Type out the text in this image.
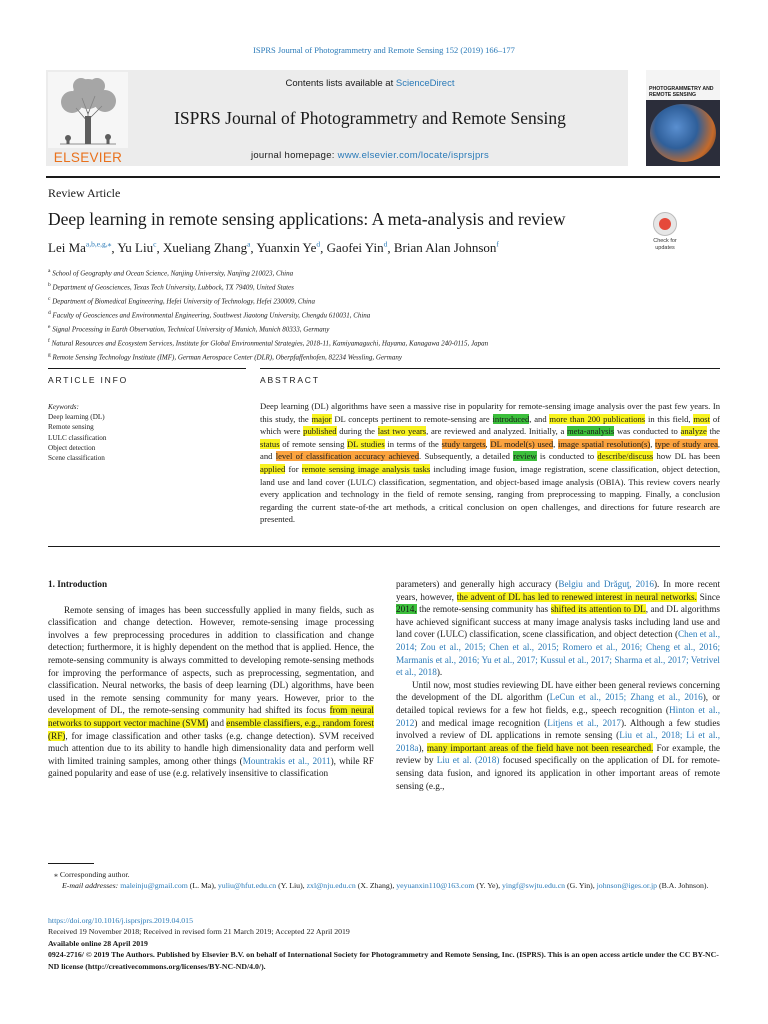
ISPRS Journal of Photogrammetry and Remote Sensing 152 (2019) 166–177
ELSEVIER
Contents lists available at ScienceDirect
ISPRS Journal of Photogrammetry and Remote Sensing
journal homepage: www.elsevier.com/locate/isprsjprs
PHOTOGRAMMETRY AND REMOTE SENSING
Review Article
Deep learning in remote sensing applications: A meta-analysis and review
Check for updates
Lei $Ma^{a,b,e,g,⁎}$, Yu Liu$^c$, Xueliang Zhang$^a$, Yuanxin Ye$^d$, Gaofei Yin$^d$, Brian Alan Johnson$^f$
$^a$ School of Geography and Ocean Science, Nanjing University, Nanjing 210023, China
$^b$ Department of Geosciences, Texas Tech University, Lubbock, TX 79409, United States
$^c$ Department of Biomedical Engineering, Hefei University of Technology, Hefei 230009, China
$^d$ Faculty of Geosciences and Environmental Engineering, Southwest Jiaotong University, Chengdu 610031, China
$^e$ Signal Processing in Earth Observation, Technical University of Munich, Munich 80333, Germany
$^f$ Natural Resources and Ecosystem Services, Institute for Global Environmental Strategies, 2018-11, Kamiyamaguchi, Hayama, Kanagawa 240-0115, Japan
$^g$ Remote Sensing Technology Institute (IMF), German Aerospace Center (DLR), Oberpfaffenhofen, 82234 Wessling, Germany
ARTICLE INFO	ABSTRACT
Keywords:
Deep learning (DL)
Remote sensing
LULC classification
Object detection
Scene classification
Deep learning (DL) algorithms have seen a massive rise in popularity for remote-sensing image analysis over the past few years. In this study, the major DL concepts pertinent to remote-sensing are introduced, and more than 200 publications in this field, most of which were published during the last two years, are reviewed and analyzed. Initially, a meta-analysis was conducted to analyze the status of remote sensing DL studies in terms of the study targets, DL model(s) used, image spatial resolution(s), type of study area, and level of classification accuracy achieved. Subsequently, a detailed review is conducted to describe/discuss how DL has been applied for remote sensing image analysis tasks including image fusion, image registration, scene classification, object detection, land use and land cover (LULC) classification, segmentation, and object-based image analysis (OBIA). This review covers nearly every application and technology in the field of remote sensing, ranging from preprocessing to mapping. Finally, a conclusion regarding the current state-of-the art methods, a critical conclusion on open challenges, and directions for future research are presented.
1. Introduction
Remote sensing of images has been successfully applied in many fields, such as classification and change detection. However, remote-sensing image processing involves a few preprocessing procedures in addition to classification and change detection; furthermore, it is highly dependent on the method that is applied. Hence, the remote-sensing community is always committed to developing remote-sensing methods for improving the performance of aspects, such as preprocessing, segmentation, and classification. Neural networks, the basis of deep learning (DL) algorithms, have been used in the remote sensing community for many years. However, prior to the development of DL, the remote-sensing community had shifted its focus from neural networks to support vector machine (SVM) and ensemble classifiers, e.g., random forest (RF), for image classification and other tasks (e.g. change detection). SVM received much attention due to its ability to handle high dimensionality data and perform well with limited training samples, among other things (Mountrakis et al., 2011), while RF gained popularity and ease of use (e.g. relatively insensitive to classification
parameters) and generally high accuracy (Belgiu and Drăguţ, 2016). In more recent years, however, the advent of DL has led to renewed interest in neural networks. Since 2014, the remote-sensing community has shifted its attention to DL, and DL algorithms have achieved significant success at many image analysis tasks including land use and land cover (LULC) classification, scene classification, and object detection (Chen et al., 2014; Zou et al., 2015; Chen et al., 2015; Romero et al., 2016; Cheng et al., 2016; Marmanis et al., 2016; Yu et al., 2017; Kussul et al., 2017; Sharma et al., 2017; Vetrivel et al., 2018).
Until now, most studies reviewing DL have either been general reviews concerning the development of the DL algorithm (LeCun et al., 2015; Zhang et al., 2016), or detailed topical reviews for a few hot fields, e.g., speech recognition (Hinton et al., 2012) and medical image recognition (Litjens et al., 2017). Although a few studies involved a review of DL applications in remote sensing (Liu et al., 2018; Li et al., 2018a), many important areas of the field have not been researched. For example, the review by Liu et al. (2018) focused specifically on the application of DL for remote-sensing data fusion, and ignored its application in other important areas of remote sensing (e.g.,
⁎ Corresponding author.
E-mail addresses: maleinju@gmail.com (L. Ma), yuliu@hfut.edu.cn (Y. Liu), zxl@nju.edu.cn (X. Zhang), yeyuanxin110@163.com (Y. Ye), yingf@swjtu.edu.cn (G. Yin), johnson@iges.or.jp (B.A. Johnson).
https://doi.org/10.1016/j.isprsjprs.2019.04.015
Received 19 November 2018; Received in revised form 21 March 2019; Accepted 22 April 2019
Available online 28 April 2019
0924-2716/ © 2019 The Authors. Published by Elsevier B.V. on behalf of International Society for Photogrammetry and Remote Sensing, Inc. (ISPRS). This is an open access article under the CC BY-NC-ND license (http://creativecommons.org/licenses/BY-NC-ND/4.0/).
